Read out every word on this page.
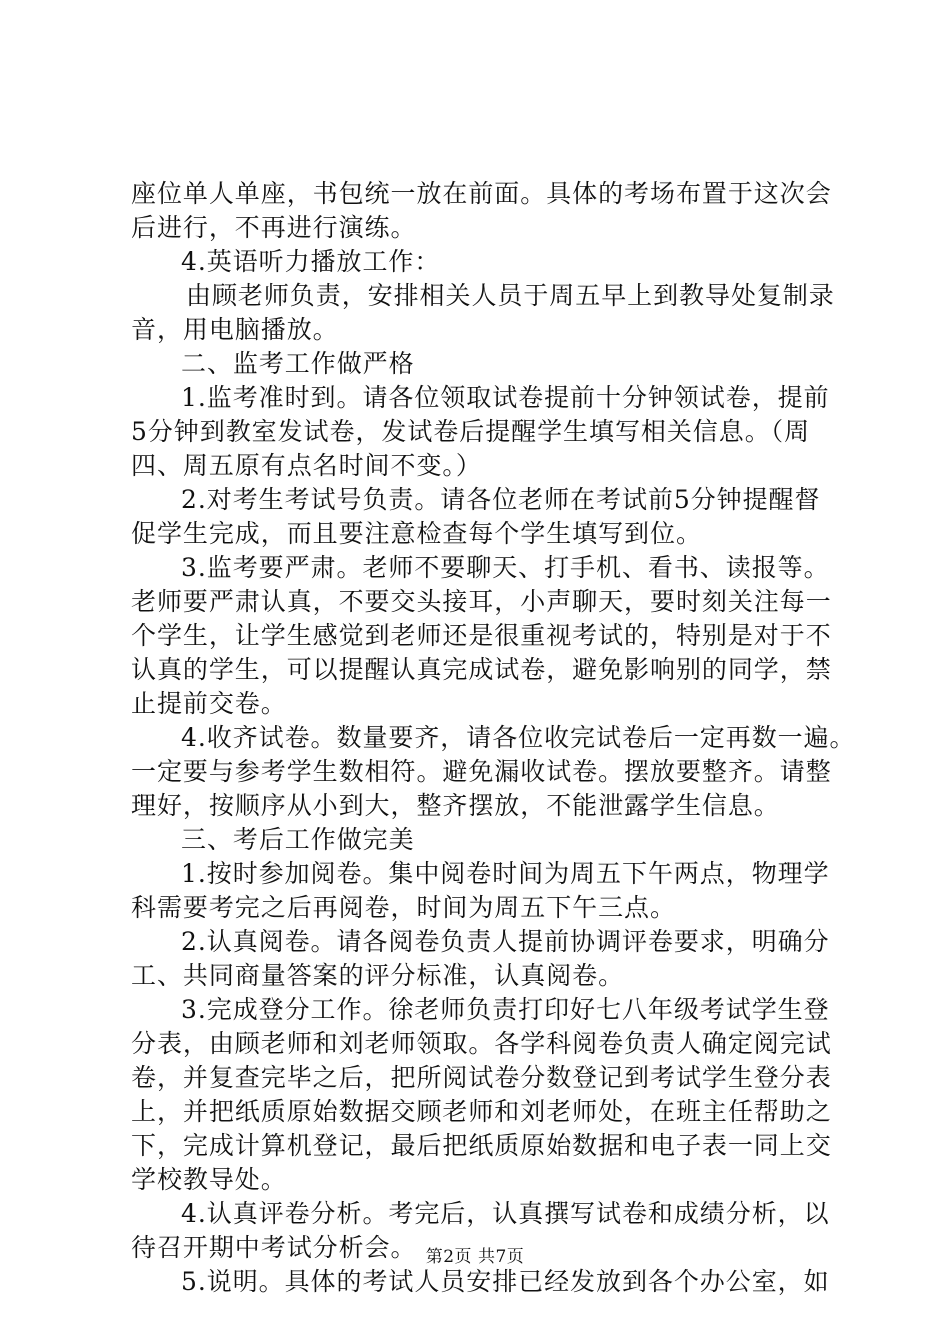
座位单人单座，书包统一放在前面。具体的考场布置于这次会
后进行，不再进行演练。
4.英语听力播放工作：
由顾老师负责，安排相关人员于周五早上到教导处复制录
音，用电脑播放。
二、监考工作做严格
1.监考准时到。请各位领取试卷提前十分钟领试卷，提前
5分钟到教室发试卷，发试卷后提醒学生填写相关信息。（周
四、周五原有点名时间不变。）
2.对考生考试号负责。请各位老师在考试前5分钟提醒督
促学生完成，而且要注意检查每个学生填写到位。
3.监考要严肃。老师不要聊天、打手机、看书、读报等。
老师要严肃认真，不要交头接耳，小声聊天，要时刻关注每一
个学生，让学生感觉到老师还是很重视考试的，特别是对于不
认真的学生，可以提醒认真完成试卷，避免影响别的同学，禁
止提前交卷。
4.收齐试卷。数量要齐，请各位收完试卷后一定再数一遍。
一定要与参考学生数相符。避免漏收试卷。摆放要整齐。请整
理好，按顺序从小到大，整齐摆放，不能泄露学生信息。
三、考后工作做完美
1.按时参加阅卷。集中阅卷时间为周五下午两点，物理学
科需要考完之后再阅卷，时间为周五下午三点。
2.认真阅卷。请各阅卷负责人提前协调评卷要求，明确分
工、共同商量答案的评分标准，认真阅卷。
3.完成登分工作。徐老师负责打印好七八年级考试学生登
分表，由顾老师和刘老师领取。各学科阅卷负责人确定阅完试
卷，并复查完毕之后，把所阅试卷分数登记到考试学生登分表
上，并把纸质原始数据交顾老师和刘老师处，在班主任帮助之
下，完成计算机登记，最后把纸质原始数据和电子表一同上交
学校教导处。
4.认真评卷分析。考完后，认真撰写试卷和成绩分析，以
待召开期中考试分析会。
5.说明。具体的考试人员安排已经发放到各个办公室，如
第2页 共7页
